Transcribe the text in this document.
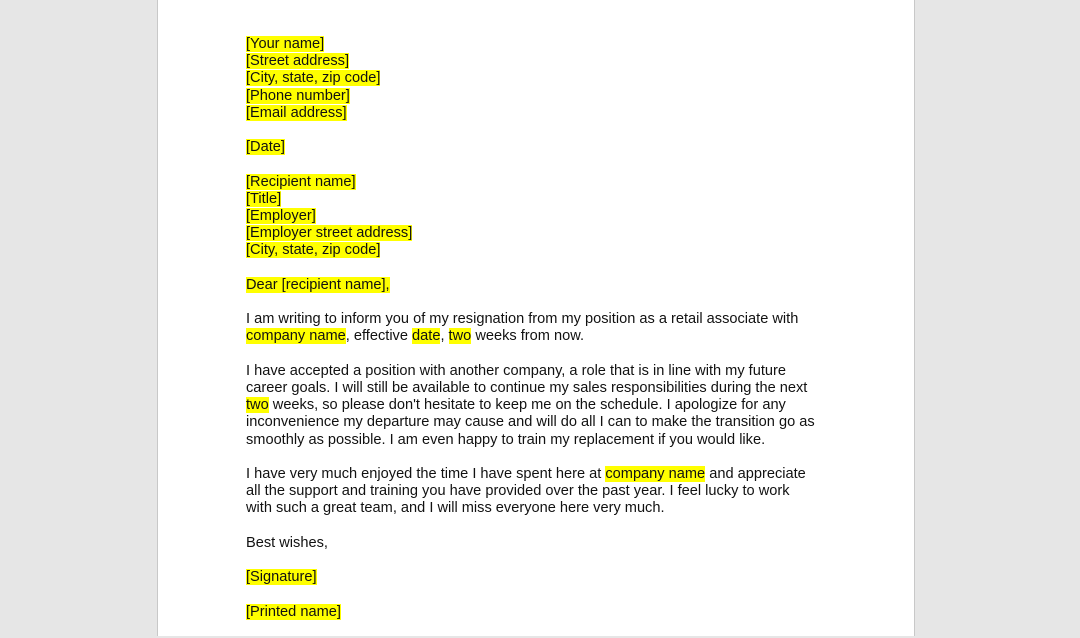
[Your name]
[Street address]
[City, state, zip code]
[Phone number]
[Email address]
[Date]
[Recipient name]
[Title]
[Employer]
[Employer street address]
[City, state, zip code]
Dear [recipient name],
I am writing to inform you of my resignation from my position as a retail associate with
company name, effective date, two weeks from now.
I have accepted a position with another company, a role that is in line with my future
career goals. I will still be available to continue my sales responsibilities during the next
two weeks, so please don't hesitate to keep me on the schedule. I apologize for any
inconvenience my departure may cause and will do all I can to make the transition go as
smoothly as possible. I am even happy to train my replacement if you would like.
I have very much enjoyed the time I have spent here at company name and appreciate
all the support and training you have provided over the past year. I feel lucky to work
with such a great team, and I will miss everyone here very much.
Best wishes,
[Signature]
[Printed name]
